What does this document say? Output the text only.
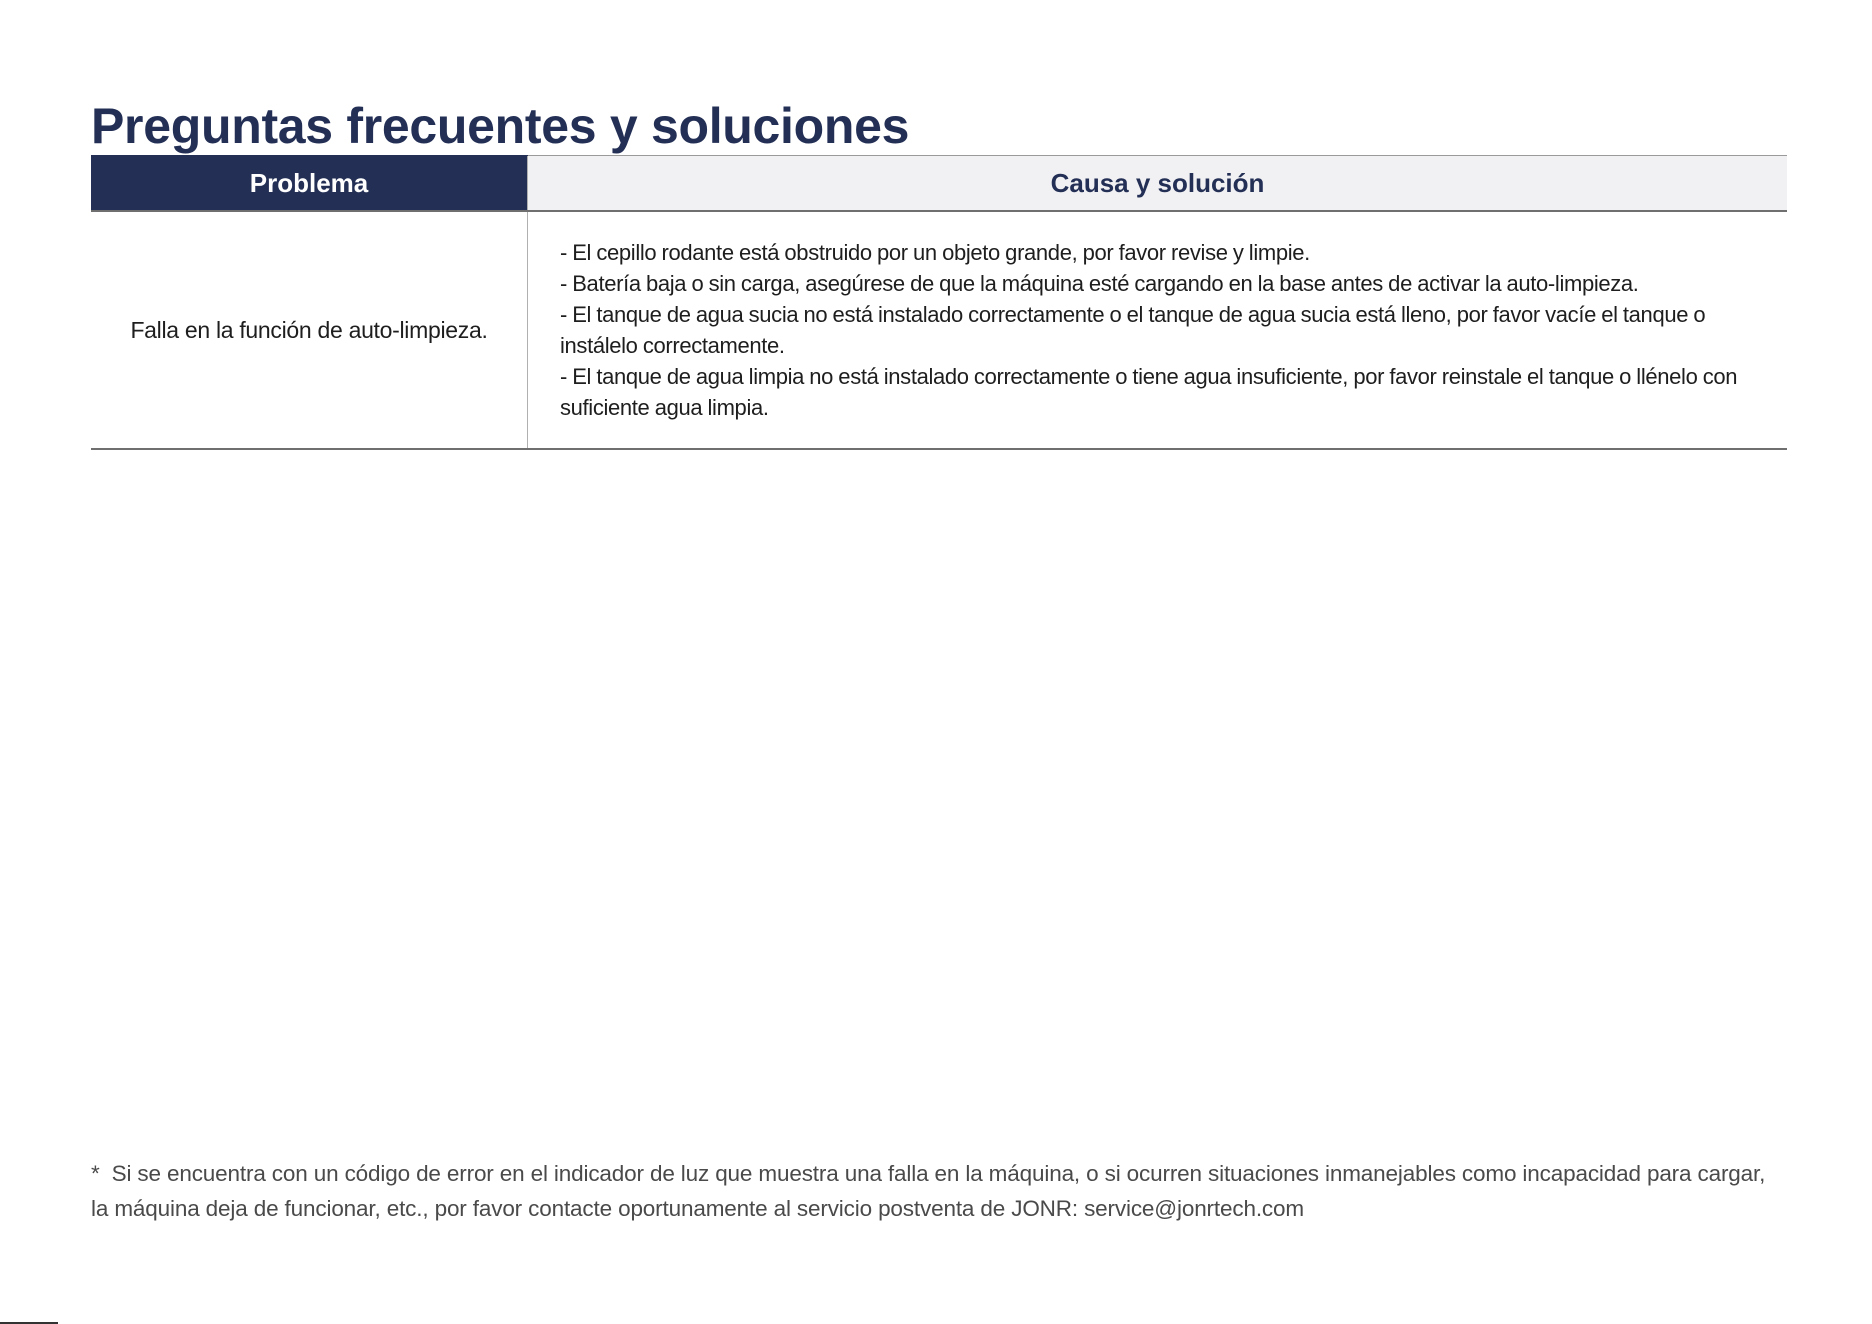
Preguntas frecuentes y soluciones
Problema	Causa y solución
Falla en la función de auto-limpieza.	- El cepillo rodante está obstruido por un objeto grande, por favor revise y limpie.
- Batería baja o sin carga, asegúrese de que la máquina esté cargando en la base antes de activar la auto-limpieza.
- El tanque de agua sucia no está instalado correctamente o el tanque de agua sucia está lleno, por favor vacíe el tanque o instálelo correctamente.
- El tanque de agua limpia no está instalado correctamente o tiene agua insuficiente, por favor reinstale el tanque o llénelo con suficiente agua limpia.

* Si se encuentra con un código de error en el indicador de luz que muestra una falla en la máquina, o si ocurren situaciones inmanejables como incapacidad para cargar, la máquina deja de funcionar, etc., por favor contacte oportunamente al servicio postventa de JONR: service@jonrtech.com
